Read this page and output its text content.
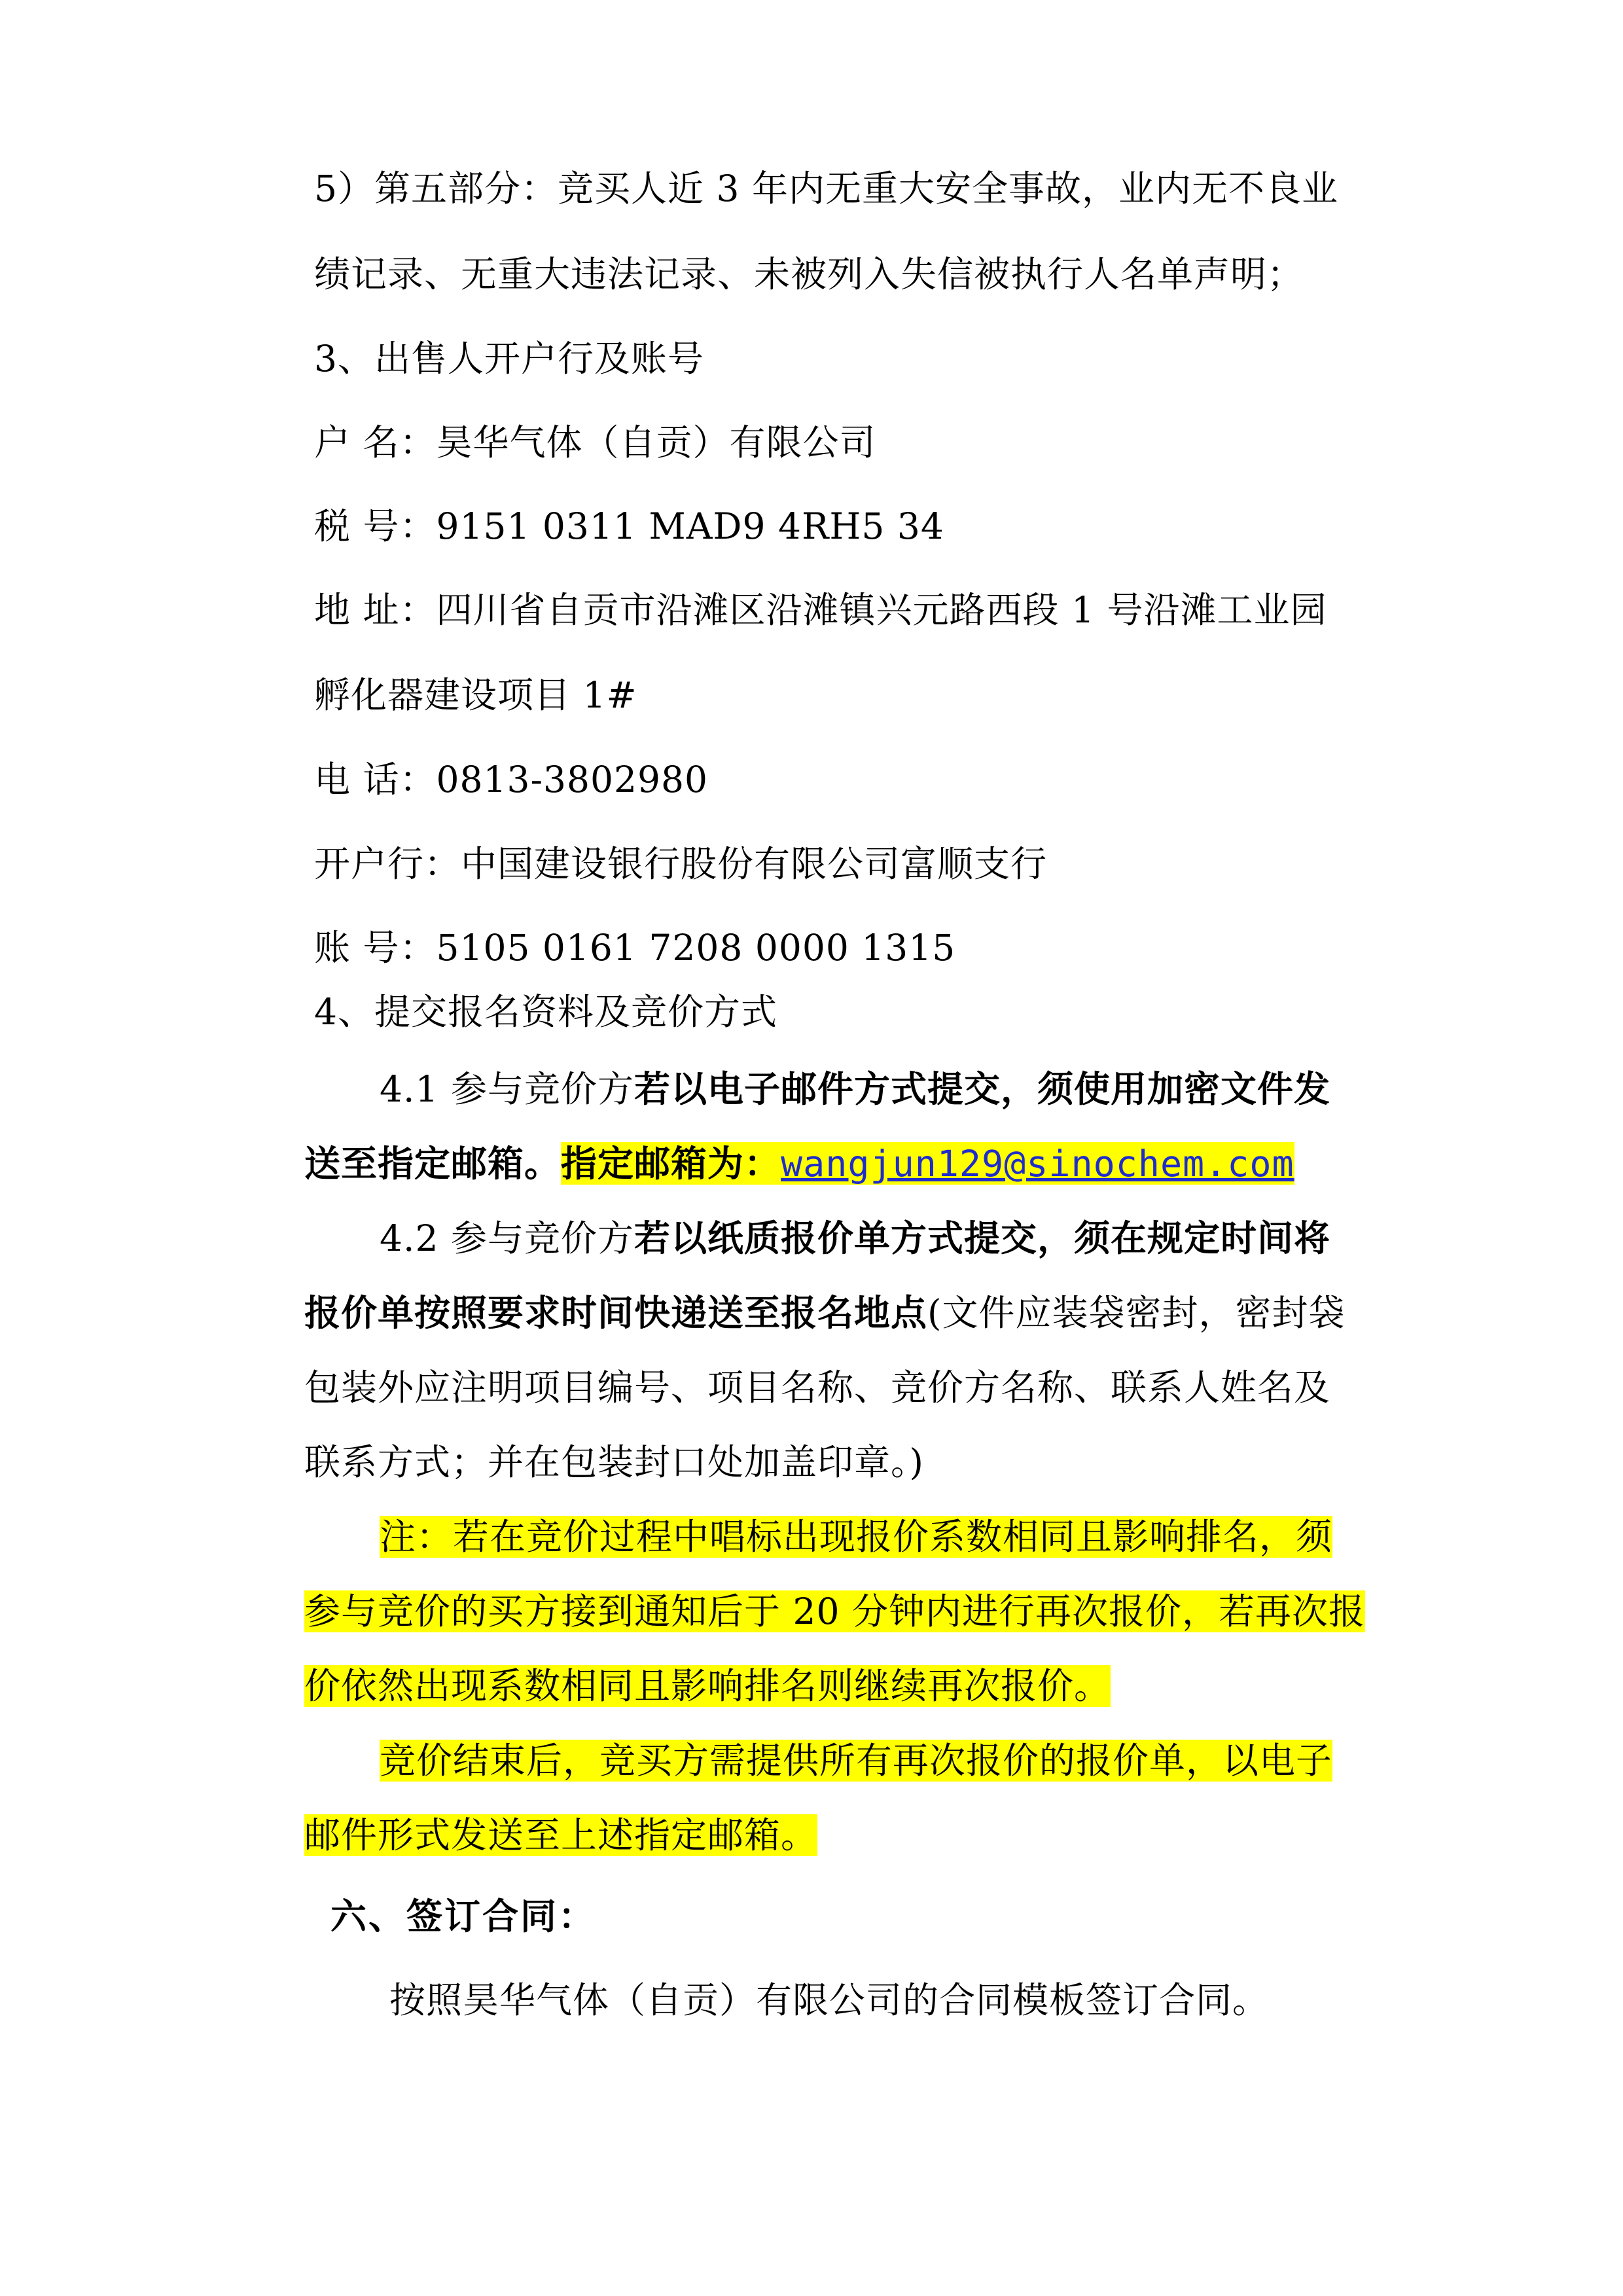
5）第五部分：竞买人近 3 年内无重大安全事故，业内无不良业
绩记录、无重大违法记录、未被列入失信被执行人名单声明；
3、出售人开户行及账号
户 名：昊华气体（自贡）有限公司
税 号：9151 0311 MAD9 4RH5 34
地 址：四川省自贡市沿滩区沿滩镇兴元路西段 1 号沿滩工业园
孵化器建设项目 1#
电 话：0813-3802980
开户行：中国建设银行股份有限公司富顺支行
账 号：5105 0161 7208 0000 1315
4、提交报名资料及竞价方式
4.1 参与竞价方若以电子邮件方式提交，须使用加密文件发
送至指定邮箱。指定邮箱为：wangjun129@sinochem.com
4.2 参与竞价方若以纸质报价单方式提交，须在规定时间将
报价单按照要求时间快递送至报名地点(文件应装袋密封，密封袋
包装外应注明项目编号、项目名称、竞价方名称、联系人姓名及
联系方式；并在包装封口处加盖印章。)
注：若在竞价过程中唱标出现报价系数相同且影响排名，须
参与竞价的买方接到通知后于 20 分钟内进行再次报价，若再次报
价依然出现系数相同且影响排名则继续再次报价。
竞价结束后，竞买方需提供所有再次报价的报价单，以电子
邮件形式发送至上述指定邮箱。
六、签订合同：
按照昊华气体（自贡）有限公司的合同模板签订合同。
